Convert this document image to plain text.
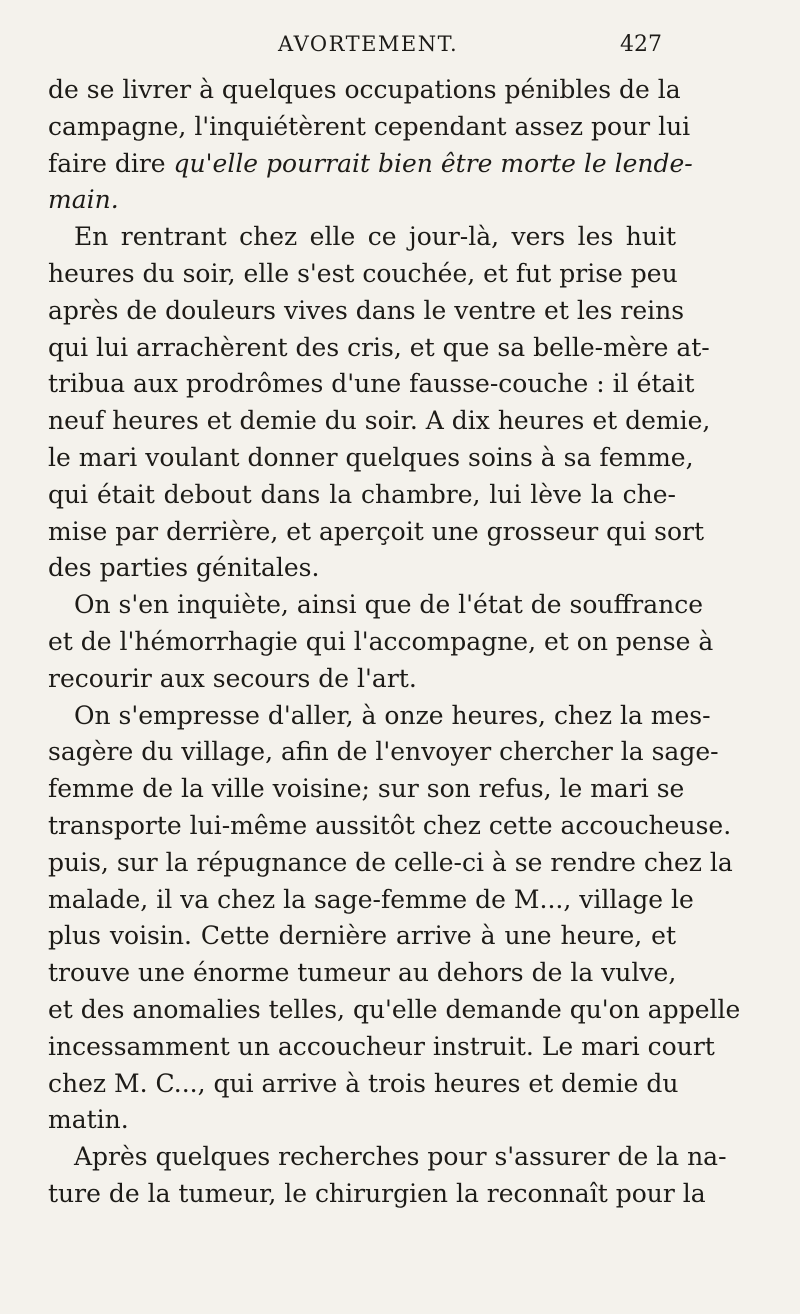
AVORTEMENT.	427
de se livrer à quelques occupations pénibles de la
campagne, l'inquiétèrent cependant assez pour lui
faire dire qu'elle pourrait bien être morte le lende-
main.
En rentrant chez elle ce jour-là, vers les huit
heures du soir, elle s'est couchée, et fut prise peu
après de douleurs vives dans le ventre et les reins
qui lui arrachèrent des cris, et que sa belle-mère at-
tribua aux prodrômes d'une fausse-couche : il était
neuf heures et demie du soir. A dix heures et demie,
le mari voulant donner quelques soins à sa femme,
qui était debout dans la chambre, lui lève la che-
mise par derrière, et aperçoit une grosseur qui sort
des parties génitales.
On s'en inquiète, ainsi que de l'état de souffrance
et de l'hémorrhagie qui l'accompagne, et on pense à
recourir aux secours de l'art.
On s'empresse d'aller, à onze heures, chez la mes-
sagère du village, afin de l'envoyer chercher la sage-
femme de la ville voisine; sur son refus, le mari se
transporte lui-même aussitôt chez cette accoucheuse.
puis, sur la répugnance de celle-ci à se rendre chez la
malade, il va chez la sage-femme de M..., village le
plus voisin. Cette dernière arrive à une heure, et
trouve une énorme tumeur au dehors de la vulve,
et des anomalies telles, qu'elle demande qu'on appelle
incessamment un accoucheur instruit. Le mari court
chez M. C..., qui arrive à trois heures et demie du
matin.
Après quelques recherches pour s'assurer de la na-
ture de la tumeur, le chirurgien la reconnaît pour la
